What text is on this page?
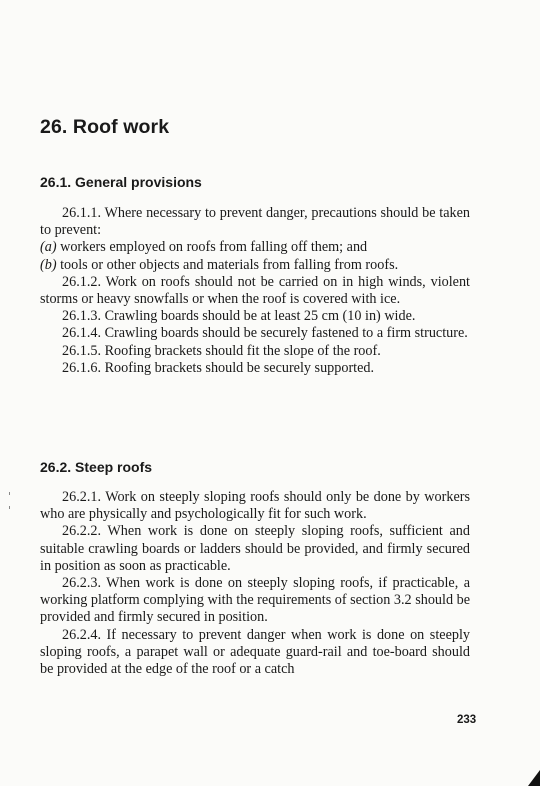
26. Roof work
26.1. General provisions

26.1.1. Where necessary to prevent danger, precautions should be taken to prevent:

(a) workers employed on roofs from falling off them; and
(b) tools or other objects and materials from falling from roofs.

26.1.2. Work on roofs should not be carried on in high winds, violent storms or heavy snowfalls or when the roof is covered with ice.

26.1.3. Crawling boards should be at least 25 cm (10 in) wide.

26.1.4. Crawling boards should be securely fastened to a firm structure.

26.1.5. Roofing brackets should fit the slope of the roof.

26.1.6. Roofing brackets should be securely supported.

26.2. Steep roofs

26.2.1. Work on steeply sloping roofs should only be done by workers who are physically and psychologically fit for such work.

26.2.2. When work is done on steeply sloping roofs, sufficient and suitable crawling boards or ladders should be provided, and firmly secured in position as soon as practicable.

26.2.3. When work is done on steeply sloping roofs, if practicable, a working platform complying with the requirements of section 3.2 should be provided and firmly secured in position.

26.2.4. If necessary to prevent danger when work is done on steeply sloping roofs, a parapet wall or adequate guard-rail and toe-board should be provided at the edge of the roof or a catch

233
